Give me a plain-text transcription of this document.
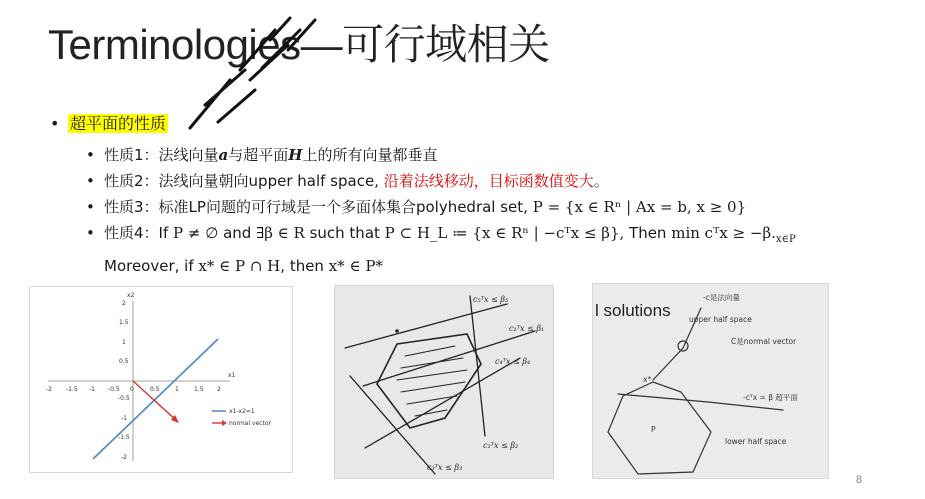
Terminologies—可行域相关
• 超平面的性质
• 性质1：法线向量a与超平面H上的所有向量都垂直
• 性质2：法线向量朝向upper half space, 沿着法线移动，目标函数值变大。
• 性质3：标准LP问题的可行域是一个多面体集合polyhedral set, P = {x ∈ Rⁿ | Ax = b, x ≥ 0}
• 性质4：If P ≠ ∅ and ∃β ∈ R such that P ⊂ H_L ≔ {x ∈ Rⁿ | −cᵀx ≤ β}, Then min cᵀx ≥ $-\beta._{x\in P}$
Moreover, if x* ∈ P ∩ H, then x* ∈ P*
x1
x2
-2 -1.5 -1 -0.5 0	0.5	1	1.5 2
2
1.5
1
0.5
-0.5
-1
-1.5
-2
x1-x2=1
normal vector
c₅ᵀx ≤ β₅
c₁ᵀx ≤ β₁
c₄ᵀx ≤ β₄
c₃ᵀx ≤ β₃
c₂ᵀx ≤ β₂
l solutions
-c是法向量
upper half space
C是normal vector
x*
-cᵀx = β 超平面
lower half space
P
8
